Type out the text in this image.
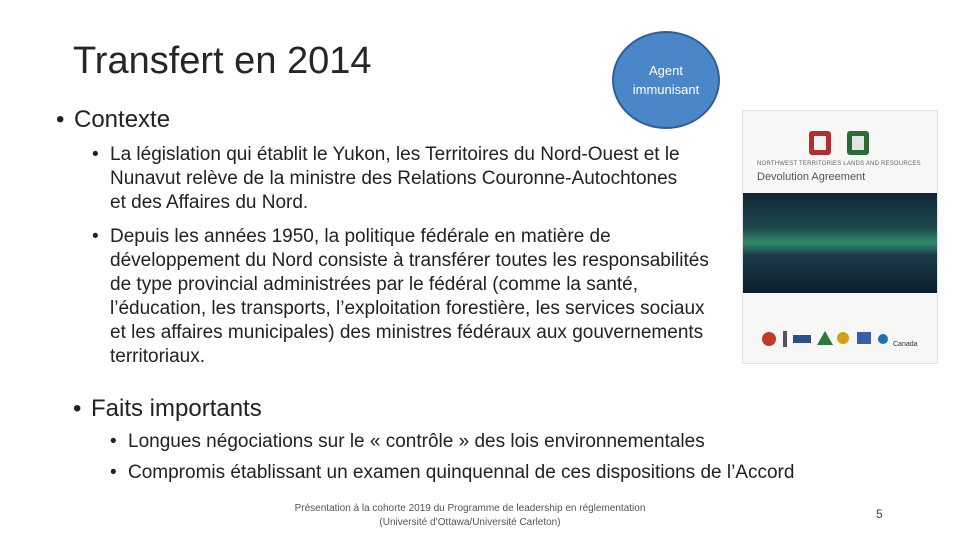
Transfert en 2014	Agent
immunisant
• Contexte
• La législation qui établit le Yukon, les Territoires du Nord-Ouest et le Nunavut relève de la ministre des Relations Couronne-Autochtones et des Affaires du Nord.
• Depuis les années 1950, la politique fédérale en matière de développement du Nord consiste à transférer toutes les responsabilités de type provincial administrées par le fédéral (comme la santé, l’éducation, les transports, l’exploitation forestière, les services sociaux et les affaires municipales) des ministres fédéraux aux gouvernements territoriaux.
• Faits importants
• Longues négociations sur le « contrôle » des lois environnementales
• Compromis établissant un examen quinquennal de ces dispositions de l’Accord
NORTHWEST TERRITORIES LANDS AND RESOURCES
Devolution Agreement
Canada
Présentation à la cohorte 2019 du Programme de leadership en réglementation
(Université d’Ottawa/Université Carleton)
5
